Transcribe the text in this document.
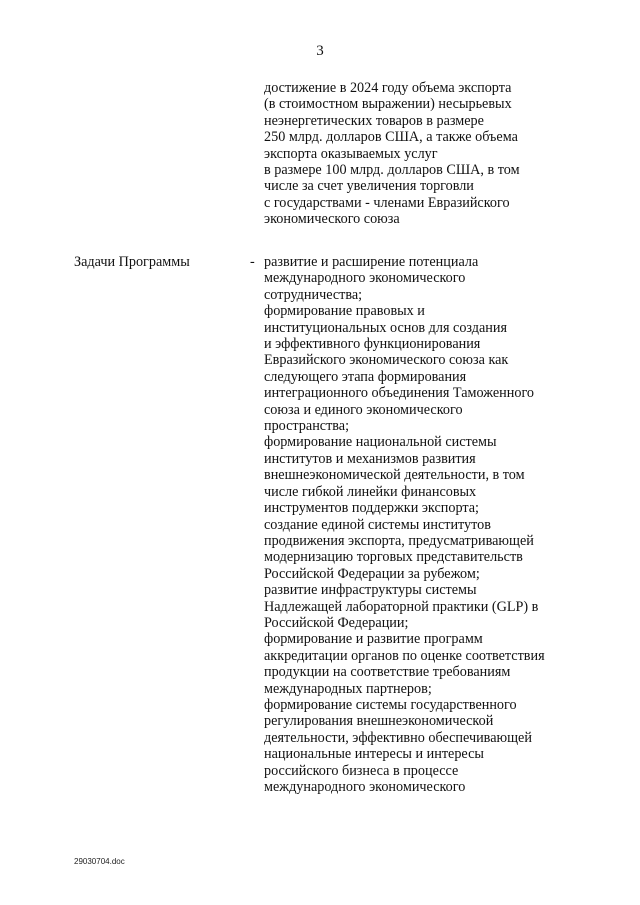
3
достижение в 2024 году объема экспорта
(в стоимостном выражении) несырьевых
неэнергетических товаров в размере
250 млрд. долларов США, а также объема
экспорта оказываемых услуг
в размере 100 млрд. долларов США, в том
числе за счет увеличения торговли
с государствами - членами Евразийского
экономического союза
Задачи Программы	- развитие и расширение потенциала
международного экономического
сотрудничества;
формирование правовых и
институциональных основ для создания
и эффективного функционирования
Евразийского экономического союза как
следующего этапа формирования
интеграционного объединения Таможенного
союза и единого экономического
пространства;
формирование национальной системы
институтов и механизмов развития
внешнеэкономической деятельности, в том
числе гибкой линейки финансовых
инструментов поддержки экспорта;
создание единой системы институтов
продвижения экспорта, предусматривающей
модернизацию торговых представительств
Российской Федерации за рубежом;
развитие инфраструктуры системы
Надлежащей лабораторной практики (GLP) в
Российской Федерации;
формирование и развитие программ
аккредитации органов по оценке соответствия
продукции на соответствие требованиям
международных партнеров;
формирование системы государственного
регулирования внешнеэкономической
деятельности, эффективно обеспечивающей
национальные интересы и интересы
российского бизнеса в процессе
международного экономического
29030704.doc
